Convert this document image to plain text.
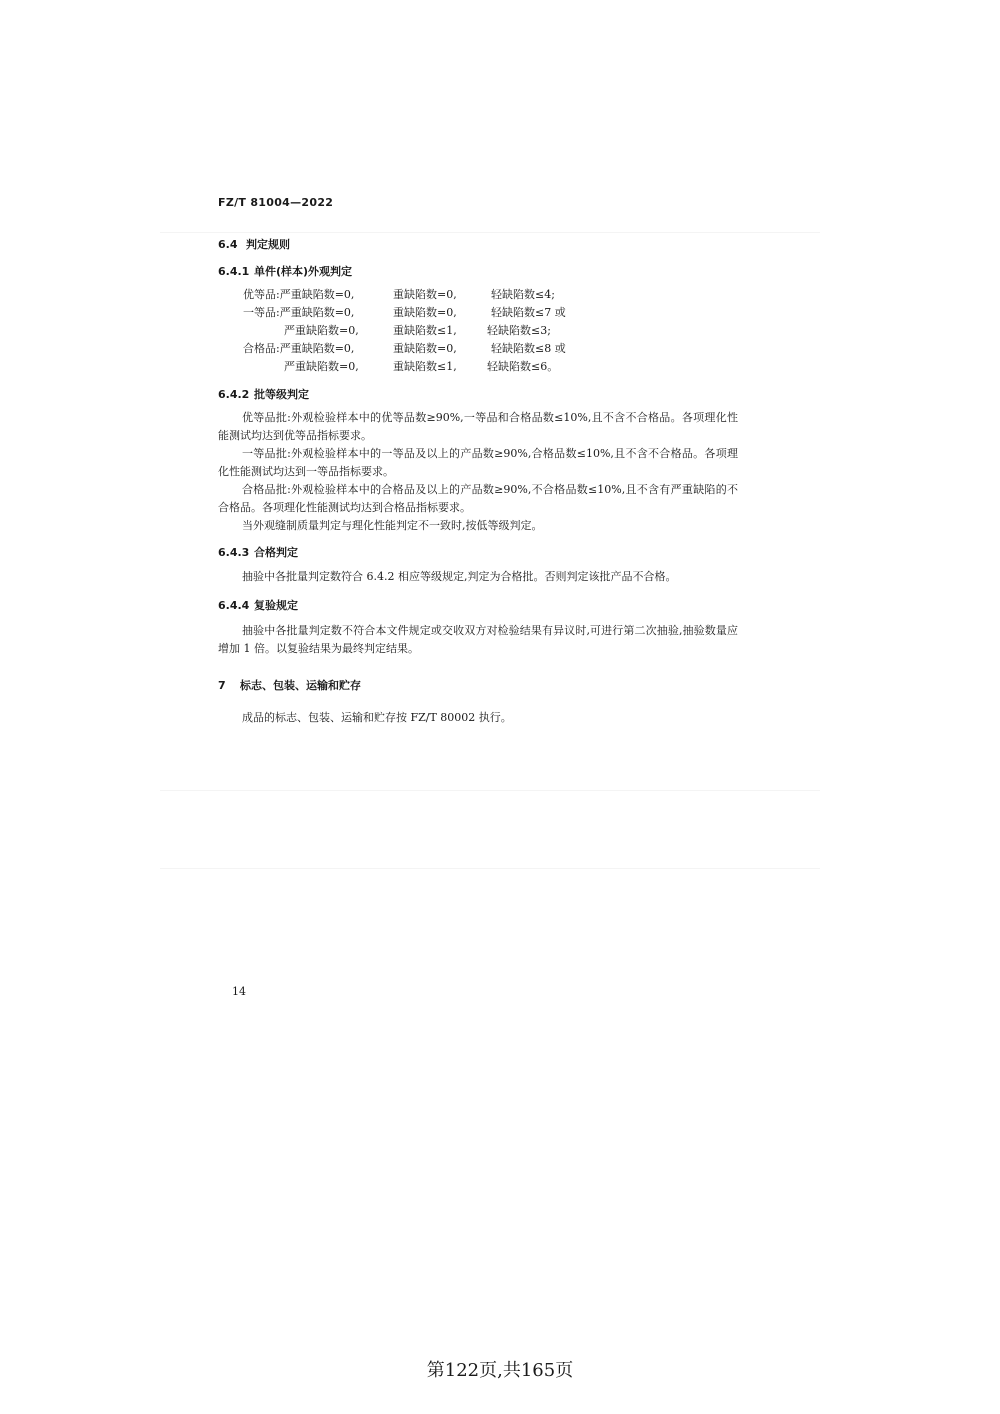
FZ/T 81004—2022
6.4 判定规则
6.4.1 单件(样本)外观判定
优等品:严重缺陷数=0,	重缺陷数=0,	轻缺陷数≤4;
一等品:严重缺陷数=0,	重缺陷数=0,	轻缺陷数≤7 或
严重缺陷数=0,	重缺陷数≤1,	轻缺陷数≤3;
合格品:严重缺陷数=0,	重缺陷数=0,	轻缺陷数≤8 或
严重缺陷数=0,	重缺陷数≤1,	轻缺陷数≤6。
6.4.2 批等级判定
优等品批:外观检验样本中的优等品数≥90%,一等品和合格品数≤10%,且不含不合格品。各项理化性能测试均达到优等品指标要求。
一等品批:外观检验样本中的一等品及以上的产品数≥90%,合格品数≤10%,且不含不合格品。各项理化性能测试均达到一等品指标要求。
合格品批:外观检验样本中的合格品及以上的产品数≥90%,不合格品数≤10%,且不含有严重缺陷的不合格品。各项理化性能测试均达到合格品指标要求。
当外观缝制质量判定与理化性能判定不一致时,按低等级判定。
6.4.3 合格判定
抽验中各批量判定数符合 6.4.2 相应等级规定,判定为合格批。否则判定该批产品不合格。
6.4.4 复验规定
抽验中各批量判定数不符合本文件规定或交收双方对检验结果有异议时,可进行第二次抽验,抽验数量应增加 1 倍。以复验结果为最终判定结果。
7 标志、包装、运输和贮存
成品的标志、包装、运输和贮存按 FZ/T 80002 执行。
14
第122页,共165页
